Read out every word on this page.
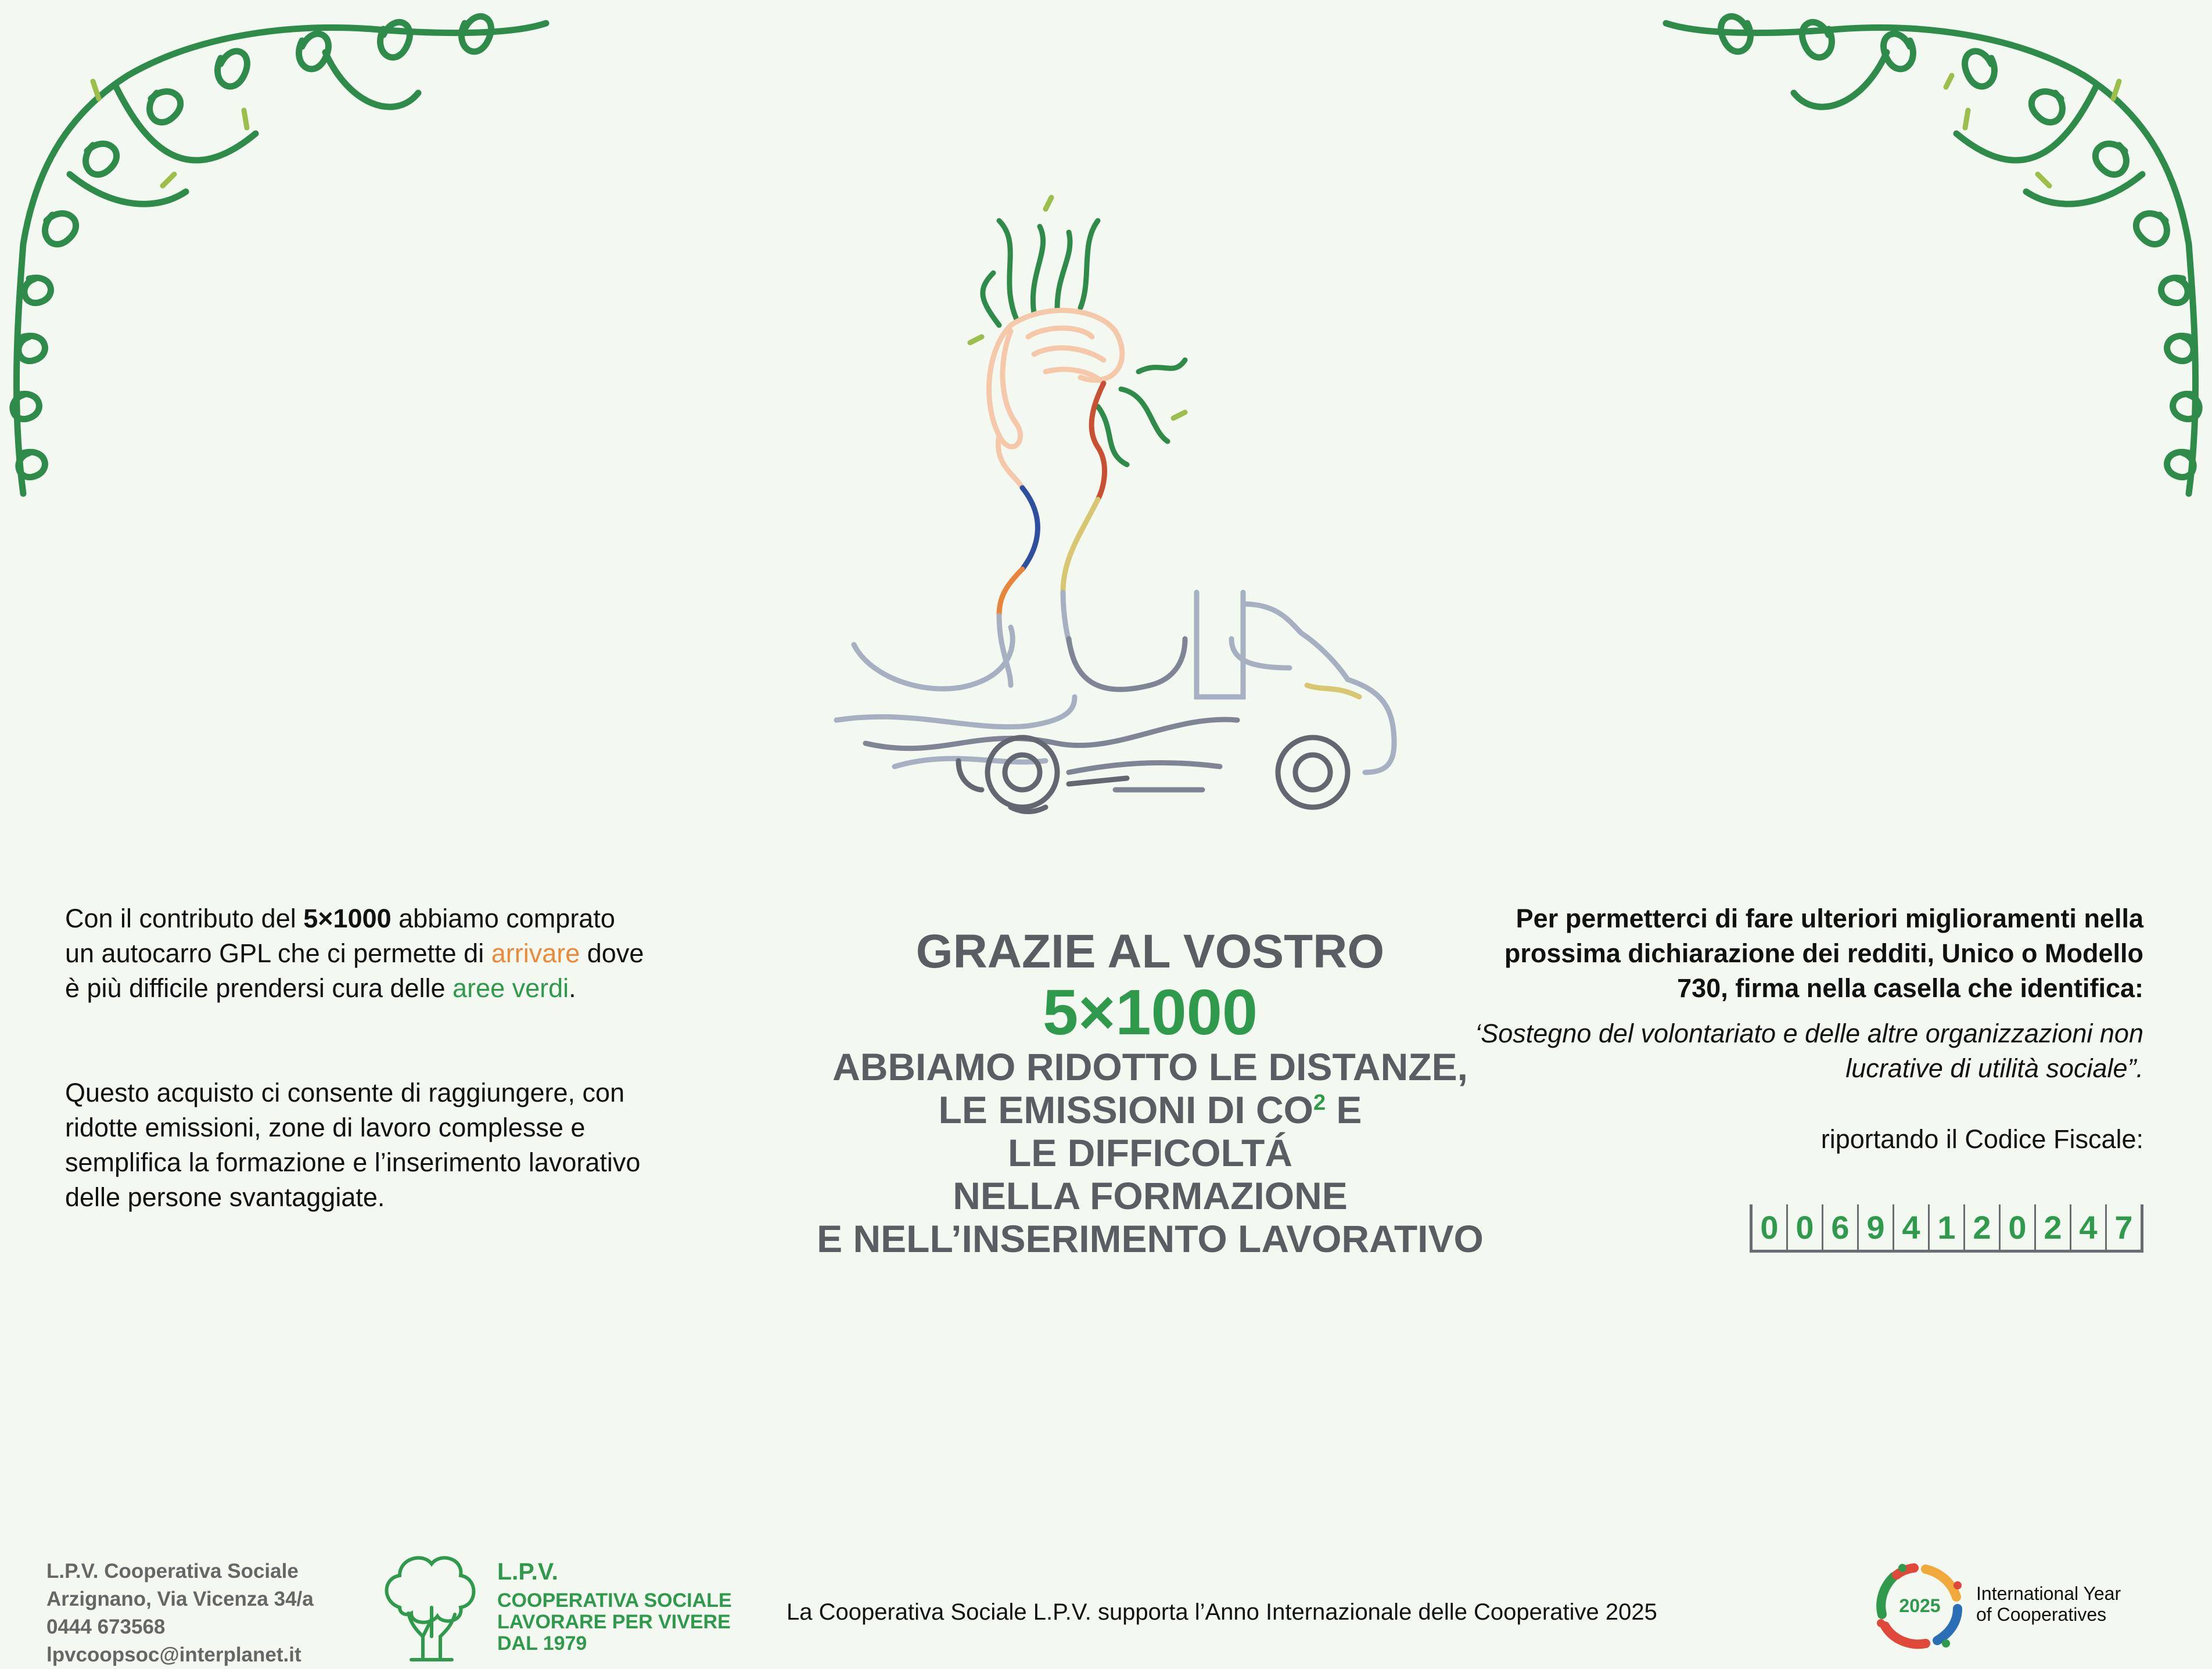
Con il contributo del 5×1000 abbiamo comprato un autocarro GPL che ci permette di arrivare dove è più difficile prendersi cura delle aree verdi.

Questo acquisto ci consente di raggiungere, con ridotte emissioni, zone di lavoro complesse e semplifica la formazione e l’inserimento lavorativo delle persone svantaggiate.

GRAZIE AL VOSTRO
5×1000
ABBIAMO RIDOTTO LE DISTANZE,
LE EMISSIONI DI $CO^2$ E
LE DIFFICOLTÁ
NELLA FORMAZIONE
E NELL’INSERIMENTO LAVORATIVO
Per permetterci di fare ulteriori miglioramenti nella prossima dichiarazione dei redditi, Unico o Modello 730, firma nella casella che identifica:
‘Sostegno del volontariato e delle altre organizzazioni non lucrative di utilità sociale”.
riportando il Codice Fiscale:
0 0 6 9 4 1 2 0 2 4 7
L.P.V. Cooperativa Sociale
Arzignano, Via Vicenza 34/a
0444 673568
lpvcoopsoc@interplanet.it
L.P.V.
COOPERATIVA SOCIALE
LAVORARE PER VIVERE
DAL 1979
La Cooperativa Sociale L.P.V. supporta l’Anno Internazionale delle Cooperative 2025	2025
International Year
of Cooperatives
